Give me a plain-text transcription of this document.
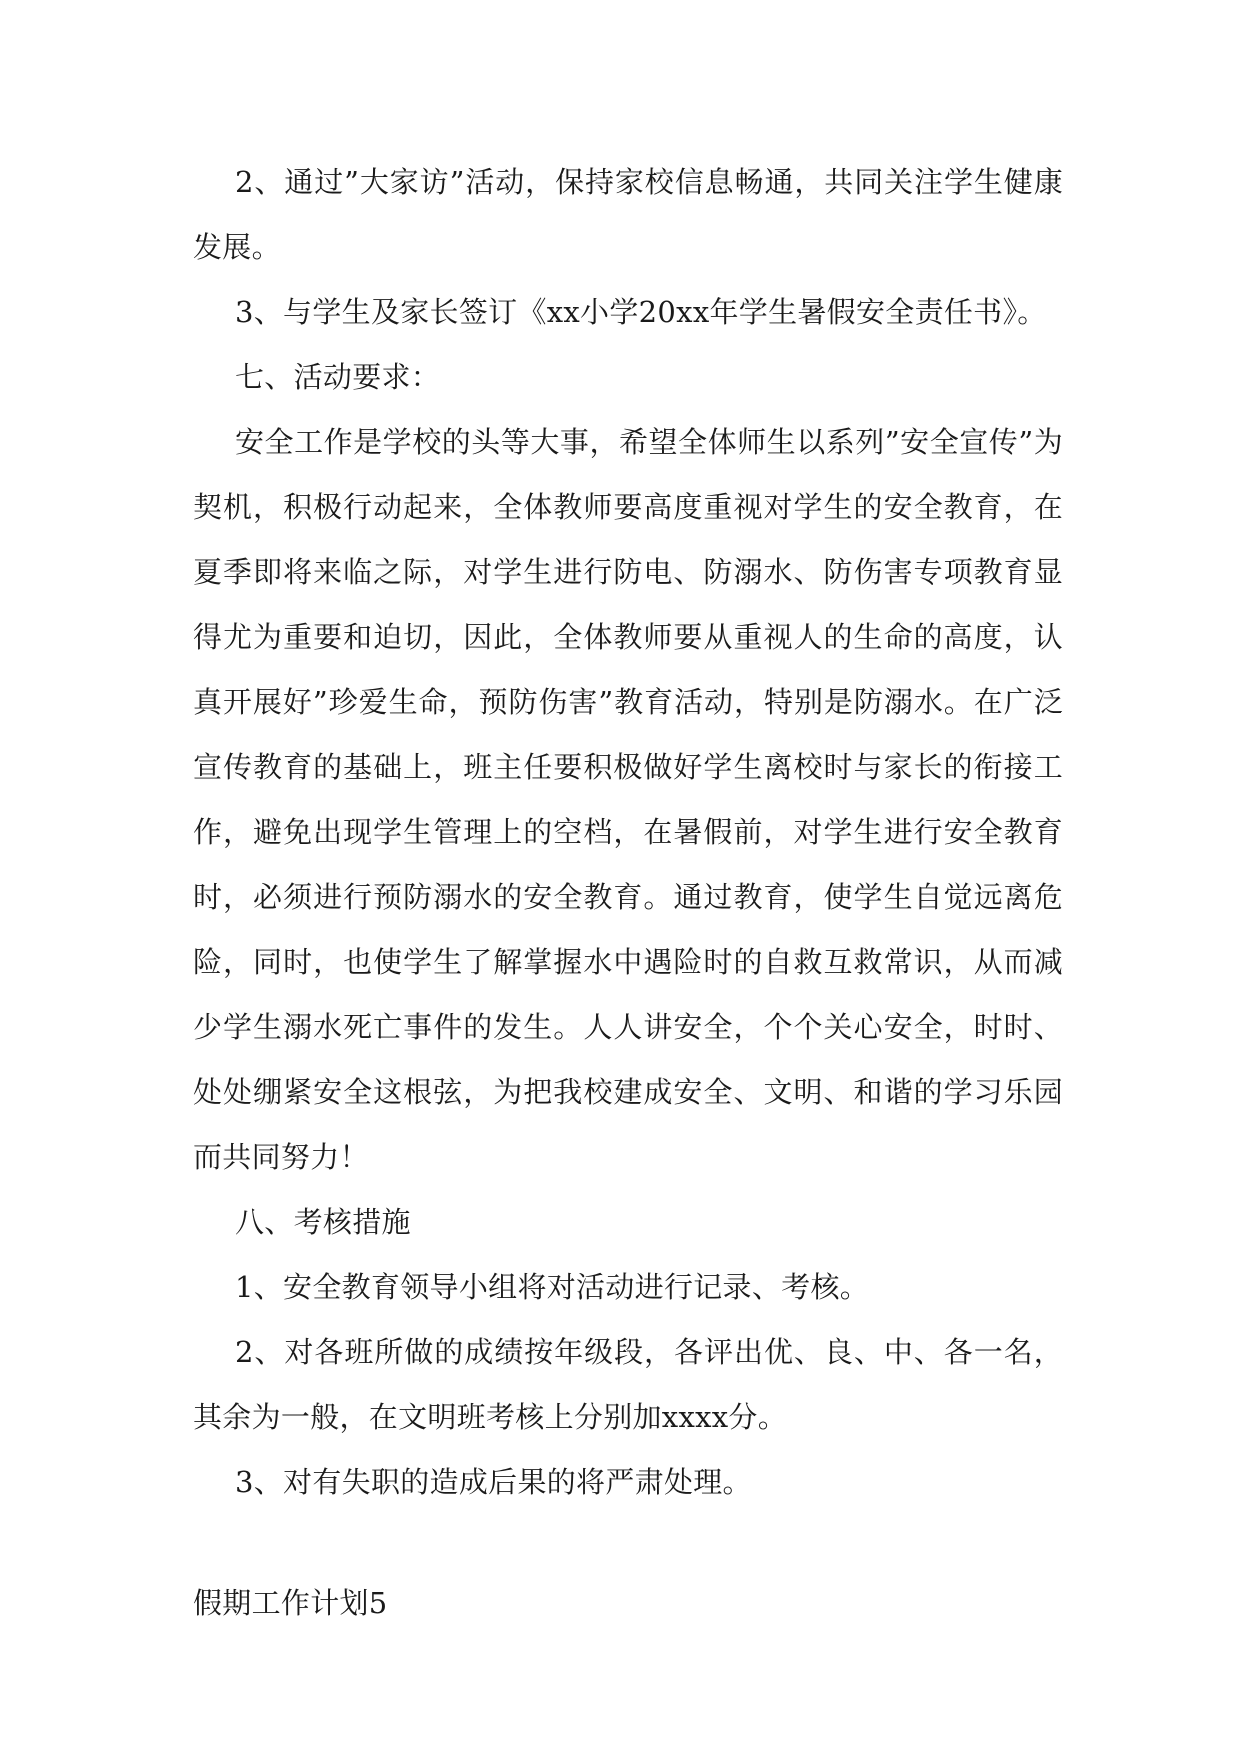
2、通过”大家访”活动，保持家校信息畅通，共同关注学生健康发展。

3、与学生及家长签订《xx小学20xx年学生暑假安全责任书》。

七、活动要求：

安全工作是学校的头等大事，希望全体师生以系列”安全宣传”为契机，积极行动起来，全体教师要高度重视对学生的安全教育，在夏季即将来临之际，对学生进行防电、防溺水、防伤害专项教育显得尤为重要和迫切，因此，全体教师要从重视人的生命的高度，认真开展好”珍爱生命，预防伤害”教育活动，特别是防溺水。在广泛宣传教育的基础上，班主任要积极做好学生离校时与家长的衔接工作，避免出现学生管理上的空档，在暑假前，对学生进行安全教育时，必须进行预防溺水的安全教育。通过教育，使学生自觉远离危险，同时，也使学生了解掌握水中遇险时的自救互救常识，从而减少学生溺水死亡事件的发生。人人讲安全，个个关心安全，时时、处处绷紧安全这根弦，为把我校建成安全、文明、和谐的学习乐园而共同努力！

八、考核措施

1、安全教育领导小组将对活动进行记录、考核。

2、对各班所做的成绩按年级段，各评出优、良、中、各一名，其余为一般，在文明班考核上分别加xxxx分。

3、对有失职的造成后果的将严肃处理。

假期工作计划5
